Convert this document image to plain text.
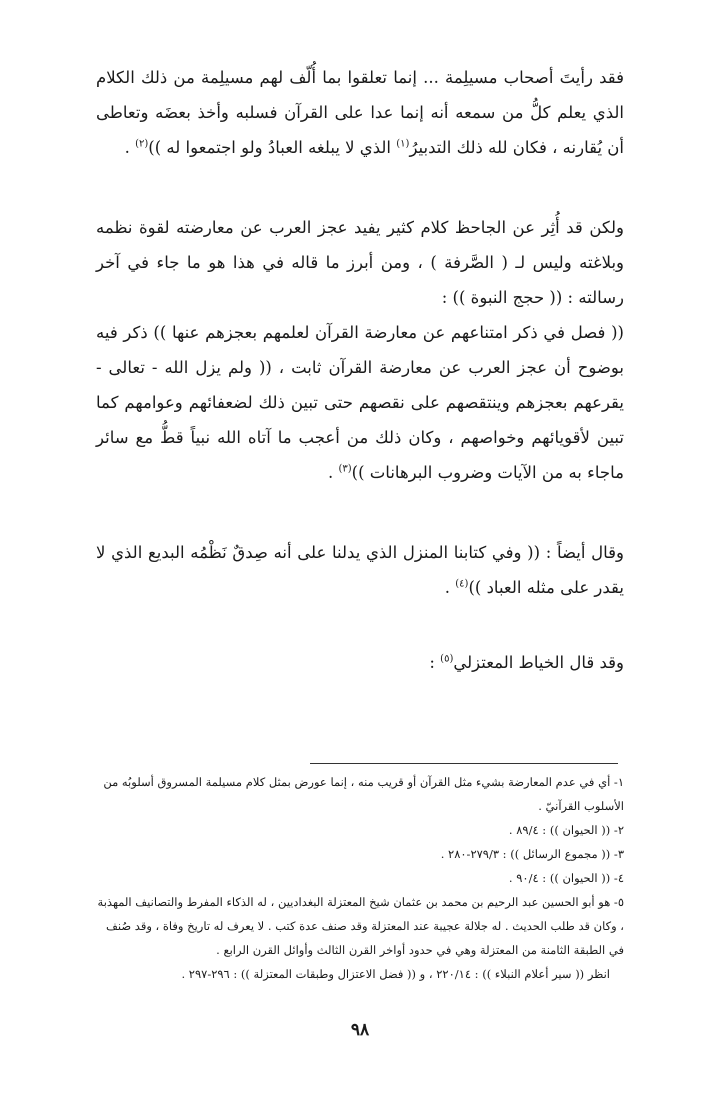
فقد رأيتَ أصحاب مسيلِمة ... إنما تعلقوا بما أُلّف لهم مسيلِمة من ذلك الكلام الذي يعلم كلُّ من سمعه أنه إنما عدا على القرآن فسلبه وأخذ بعضَه وتعاطى أن يُقارنه ، فكان لله ذلك التدبيرُ$^{(١)}$ الذي لا يبلغه العبادُ ولو اجتمعوا له ))$^{(٢)}$ .

ولكن قد أُثِر عن الجاحظ كلام كثير يفيد عجز العرب عن معارضته لقوة نظمه وبلاغته وليس لـ ( الصَّرفة ) ، ومن أبرز ما قاله في هذا هو ما جاء في آخر رسالته : (( حجج النبوة )) :

(( فصل في ذكر امتناعهم عن معارضة القرآن لعلمهم بعجزهم عنها )) ذكر فيه بوضوح أن عجز العرب عن معارضة القرآن ثابت ، (( ولم يزل الله - تعالى - يقرعهم بعجزهم وينتقصهم على نقصهم حتى تبين ذلك لضعفائهم وعوامهم كما تبين لأقويائهم وخواصهم ، وكان ذلك من أعجب ما آتاه الله نبياً قطُّ مع سائر ماجاء به من الآيات وضروب البرهانات ))$^{(٣)}$ .

وقال أيضاً : (( وفي كتابنا المنزل الذي يدلنا على أنه صِدقٌ نَظْمُه البديع الذي لا يقدر على مثله العباد ))$^{(٤)}$ .

وقد قال الخياط المعتزلي$^{(٥)}$ :

١- أي في عدم المعارضة بشيء مثل القرآن أو قريب منه ، إنما عورض بمثل كلام مسيلمة المسروق أسلوبُه من الأسلوب القرآنيّ .

٢- (( الحيوان )) : ٨٩/٤ .

٣- (( مجموع الرسائل )) : ٢٧٩/٣-٢٨٠ .

٤- (( الحيوان )) : ٩٠/٤ .

٥- هو أبو الحسين عبد الرحيم بن محمد بن عثمان شيخ المعتزلة البغداديين ، له الذكاء المفرط والتصانيف المهذبة ، وكان قد طلب الحديث . له جلالة عجيبة عند المعتزلة وقد صنف عدة كتب . لا يعرف له تاريخ وفاة ، وقد صُنف في الطبقة الثامنة من المعتزلة وهي في حدود أواخر القرن الثالث وأوائل القرن الرابع .

انظر (( سير أعلام النبلاء )) : ٢٢٠/١٤ ، و (( فضل الاعتزال وطبقات المعتزلة )) : ٢٩٦-٢٩٧ .

٩٨
